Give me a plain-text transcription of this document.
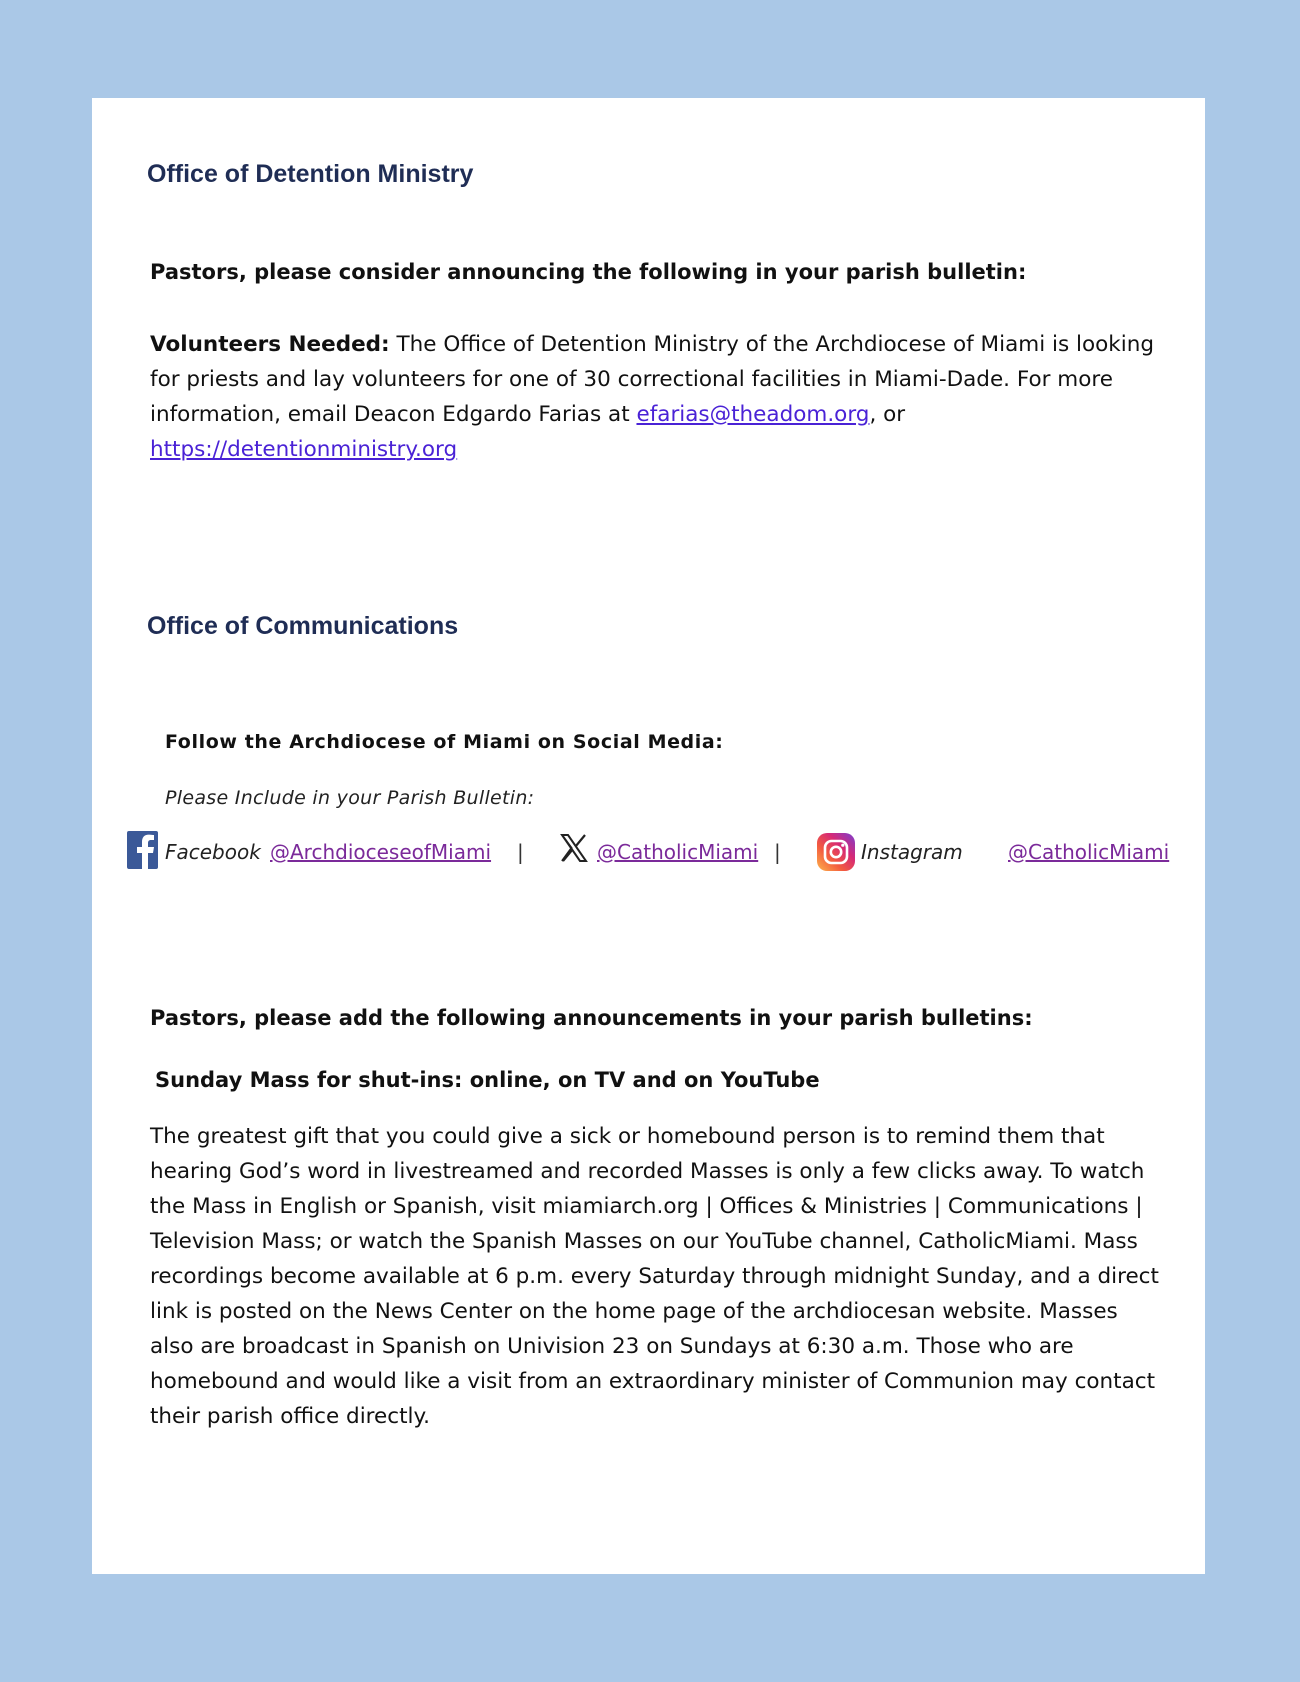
Office of Detention Ministry

Pastors, please consider announcing the following in your parish bulletin:

Volunteers Needed: The Office of Detention Ministry of the Archdiocese of Miami is looking for priests and lay volunteers for one of 30 correctional facilities in Miami-Dade. For more information, email Deacon Edgardo Farias at efarias@theadom.org, or
https://detentionministry.org

Office of Communications

Follow the Archdiocese of Miami on Social Media:

Please Include in your Parish Bulletin:

Facebook @ArchdioceseofMiami |	@CatholicMiami |	Instagram @CatholicMiami

Pastors, please add the following announcements in your parish bulletins:

Sunday Mass for shut-ins: online, on TV and on YouTube

The greatest gift that you could give a sick or homebound person is to remind them that hearing God’s word in livestreamed and recorded Masses is only a few clicks away. To watch the Mass in English or Spanish, visit miamiarch.org | Offices & Ministries | Communications | Television Mass; or watch the Spanish Masses on our YouTube channel, CatholicMiami. Mass recordings become available at 6 p.m. every Saturday through midnight Sunday, and a direct link is posted on the News Center on the home page of the archdiocesan website. Masses also are broadcast in Spanish on Univision 23 on Sundays at 6:30 a.m. Those who are homebound and would like a visit from an extraordinary minister of Communion may contact their parish office directly.
